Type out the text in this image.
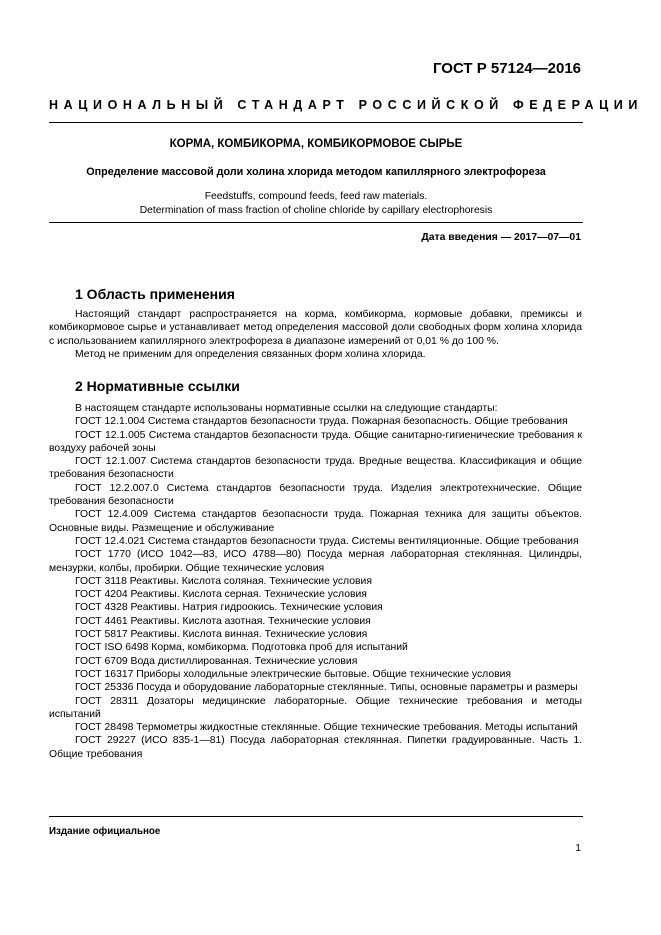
ГОСТ Р 57124—2016
НАЦИОНАЛЬНЫЙ СТАНДАРТ РОССИЙСКОЙ ФЕДЕРАЦИИ
КОРМА, КОМБИКОРМА, КОМБИКОРМОВОЕ СЫРЬЕ
Определение массовой доли холина хлорида методом капиллярного электрофореза
Feedstuffs, compound feeds, feed raw materials.
Determination of mass fraction of choline chloride by capillary electrophoresis
Дата введения — 2017—07—01
1 Область применения

Настоящий стандарт распространяется на корма, комбикорма, кормовые добавки, премиксы и комбикормовое сырье и устанавливает метод определения массовой доли свободных форм холина хлорида с использованием капиллярного электрофореза в диапазоне измерений от 0,01 % до 100 %.

Метод не применим для определения связанных форм холина хлорида.

2 Нормативные ссылки

В настоящем стандарте использованы нормативные ссылки на следующие стандарты:

ГОСТ 12.1.004 Система стандартов безопасности труда. Пожарная безопасность. Общие требования

ГОСТ 12.1.005 Система стандартов безопасности труда. Общие санитарно-гигиенические требования к воздуху рабочей зоны

ГОСТ 12.1.007 Система стандартов безопасности труда. Вредные вещества. Классификация и общие требования безопасности

ГОСТ 12.2.007.0 Система стандартов безопасности труда. Изделия электротехнические. Общие требования безопасности

ГОСТ 12.4.009 Система стандартов безопасности труда. Пожарная техника для защиты объектов. Основные виды. Размещение и обслуживание

ГОСТ 12.4.021 Система стандартов безопасности труда. Системы вентиляционные. Общие требования

ГОСТ 1770 (ИСО 1042—83, ИСО 4788—80) Посуда мерная лабораторная стеклянная. Цилиндры, мензурки, колбы, пробирки. Общие технические условия

ГОСТ 3118 Реактивы. Кислота соляная. Технические условия

ГОСТ 4204 Реактивы. Кислота серная. Технические условия

ГОСТ 4328 Реактивы. Натрия гидроокись. Технические условия

ГОСТ 4461 Реактивы. Кислота азотная. Технические условия

ГОСТ 5817 Реактивы. Кислота винная. Технические условия

ГОСТ ISO 6498 Корма, комбикорма. Подготовка проб для испытаний

ГОСТ 6709 Вода дистиллированная. Технические условия

ГОСТ 16317 Приборы холодильные электрические бытовые. Общие технические условия

ГОСТ 25336 Посуда и оборудование лабораторные стеклянные. Типы, основные параметры и размеры

ГОСТ 28311 Дозаторы медицинские лабораторные. Общие технические требования и методы испытаний

ГОСТ 28498 Термометры жидкостные стеклянные. Общие технические требования. Методы испытаний

ГОСТ 29227 (ИСО 835-1—81) Посуда лабораторная стеклянная. Пипетки градуированные. Часть 1. Общие требования

Издание официальное
1
